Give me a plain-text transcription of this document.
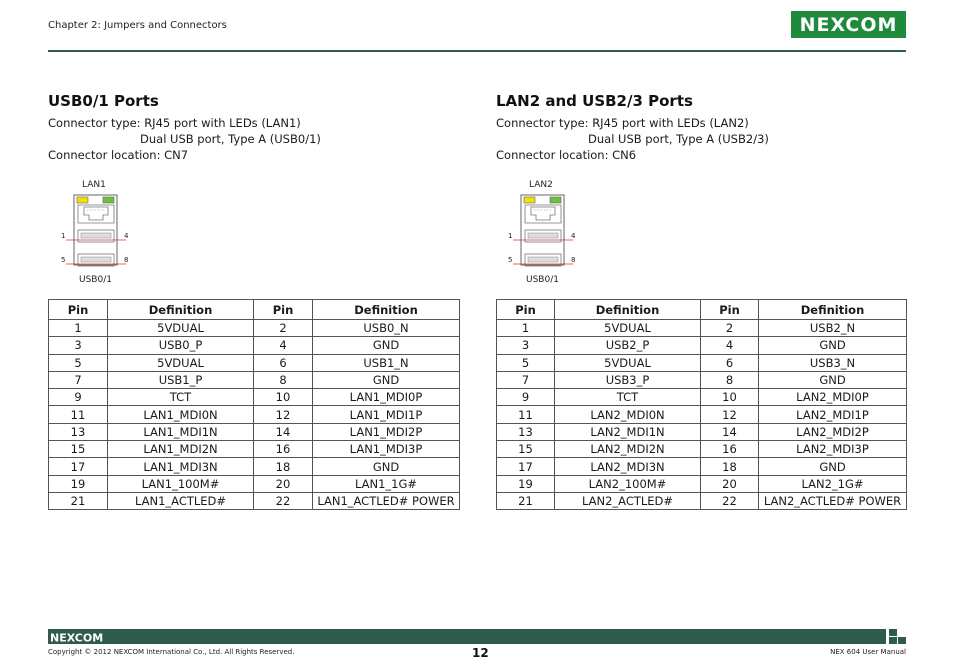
Chapter 2: Jumpers and Connectors	NEXCOM
USB0/1 Ports
Connector type: RJ45 port with LEDs (LAN1)
Dual USB port, Type A (USB0/1)
Connector location: CN7
LAN1
1	4
5	8
USB0/1
Pin	Definition	Pin	Definition
1	5VDUAL	2	USB0_N
3	USB0_P	4	GND
5	5VDUAL	6	USB1_N
7	USB1_P	8	GND
9	TCT	10	LAN1_MDI0P
11	LAN1_MDI0N	12	LAN1_MDI1P
13	LAN1_MDI1N	14	LAN1_MDI2P
15	LAN1_MDI2N	16	LAN1_MDI3P
17	LAN1_MDI3N	18	GND
19	LAN1_100M#	20	LAN1_1G#
21	LAN1_ACTLED#	22	LAN1_ACTLED# POWER
LAN2 and USB2/3 Ports
Connector type: RJ45 port with LEDs (LAN2)
Dual USB port, Type A (USB2/3)
Connector location: CN6
LAN2
1	4
5	8
USB0/1
Pin	Definition	Pin	Definition
1	5VDUAL	2	USB2_N
3	USB2_P	4	GND
5	5VDUAL	6	USB3_N
7	USB3_P	8	GND
9	TCT	10	LAN2_MDI0P
11	LAN2_MDI0N	12	LAN2_MDI1P
13	LAN2_MDI1N	14	LAN2_MDI2P
15	LAN2_MDI2N	16	LAN2_MDI3P
17	LAN2_MDI3N	18	GND
19	LAN2_100M#	20	LAN2_1G#
21	LAN2_ACTLED#	22	LAN2_ACTLED# POWER
NEXCOM
Copyright © 2012 NEXCOM International Co., Ltd. All Rights Reserved.	12	NEX 604 User Manual
